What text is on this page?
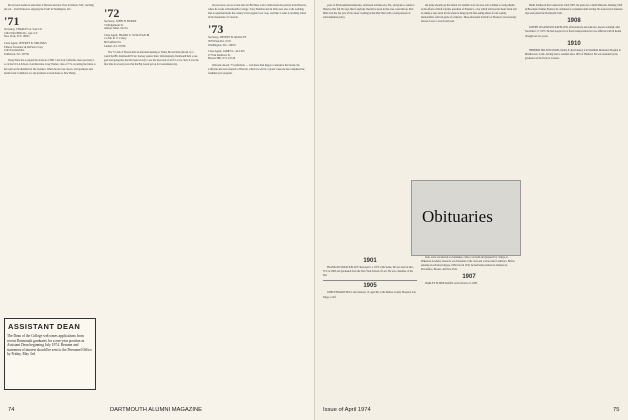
his doctoral studies in education at Harvard and now lives in Warren, N.H., teaching ski sch ... Paul Dickson is enjoying the 'brain' in Washington, D.C.

'71
Secretary, CHARLES A. SACCO
1202 Wind Hills Dr., Apt. 6-F
New York, N.Y. 10025
Class Agent, JEFFREY R. MELINKS
Elmore Treasurer & DeFevre Corp
1445 Portland Rd.
Fairhaven, N.J. 28750

Doug Tabor has occupied the obstacle of Hill 't and is in California, more precisely I. A. in the UCLA School of Architecture. Greg Yasmer, class of 71's, is putting the finale to his team on the threshold of the boulders. When the last tour leaves, will graduates next month from Columbia Law and promises to head home to New Hamp.

ASSISTANT DEAN
The Dean of the College welcomes applications from recent Dartmouth graduates for a one-year position as Assistant Dean beginning July 1974. Resume and statement of interest should be sent to the Personnel Office by Friday, May 3rd.
'72
Secretary, JOHN H. BURKE
74 Ridgemont St.
Albion, Mass. 02134
Class Agent, FRANK E. SULLIVAN JR
c/o Mr. R. V. Cleary
86 Eastfield St.
Linden, N.J. 07036

The '72 club of Boston held an informal meeting at Walter Brown Rink (Room 1) to watch the BU-Dartmouth ECAC hockey quarter final. Unfortunately, Dartmouth held a one-goal lead going into the third period only to see the short end of an 8-5 score. Still, it was the first time in several years that the Big Green got up for tournament play.

bid, however, serves as best man for Bill Shea. Jack Collins made the journey from Hanover, where he works at Dartmouth's College. Tracy Barnhart and Al Zinn were also at the wedding. Dan Cooperman heads the country's first organic food coop, and Marc Levine is teaching school in the mountains of Colorado.

'73
Secretary, DENNIS H. QUIGLEY
3079 Park Rd., N.W.
Washington, D.C. 20010
Class Agent, JAMES L. ALLEN
27 East Rainbow St.
Boston Hill, N.Y. 10516

Welcome aboard, '73 staffs/hour — I am more than happy to announce that Susan, the California kid, has returned to Hanover, which we will be a proud 'cause me has completed the freshman year program.

74	DARTMOUTH ALUMNI MAGAZINE

years of Environmental Industries, self-based at Pensacola, Fla., and plans to return to Hanover this fall. He says that if anybody should be down in that area, look him up. Bob Mills is in the last year of his career working in the Mid-West with a strong interest in environmental policy.

the Army should pay his tuition at Columbia Law but also will continue to swing thanks to the efforts of Rick Carruth, president of Eleanor's, a bar which will bear his heart. Rick will be taking a step down in life when he hangs up his fine-tuning duties for the sounds, memorabilia, and bad garbs of a historic. Those interested in Rick's or Eleanor's can seriously discuss it over a scotch and soda.

Obituaries
1901

FRANKLIN MOON KELLEY died April 11, 1973 at his home. He was born in Ilex, N.Y. in 1883 and graduated from the New York School of Law. He was a member of the Bar.

1905

JOHN EDWARD HULL died January 13, aged 90, at the Balboa County Hospital, San Diego, Calif.

Jack, as he was known to classmates, came to us from and prepared by college at Pinkerton Academy where he was President of the class and a letter man in athletics. Before entering an advanced degree at Harvard in 1910, he had held positions in business in Providence, Boston, and New York.

1907

DARLEY ELMER MANN, born October 21, 1885

Hollis Nashua in the Connecticut. Until 1907, his plans for a small Missoula. Retiring 1956 in Brooklyn, Nashua Federal, he continued as consultant until retiring. He took several business trips and joined the Dartmouth Club.

1908

JOSEPH LELAND ROCKAFELLER, affectionately and educator, known as Ralph, died November 17, 1973. He had stopped to be fixed transportation but was afflicted with ill health through last two years.

1910

HERBERT MILTON WOOD, finally 8, died January 4 in Windham Memorial Hospital in Middletown, Conn., having been a resident since 1935 of Hartford. He was attended by his graduates on the Ports to Corners.

Issue of April 1974	75
